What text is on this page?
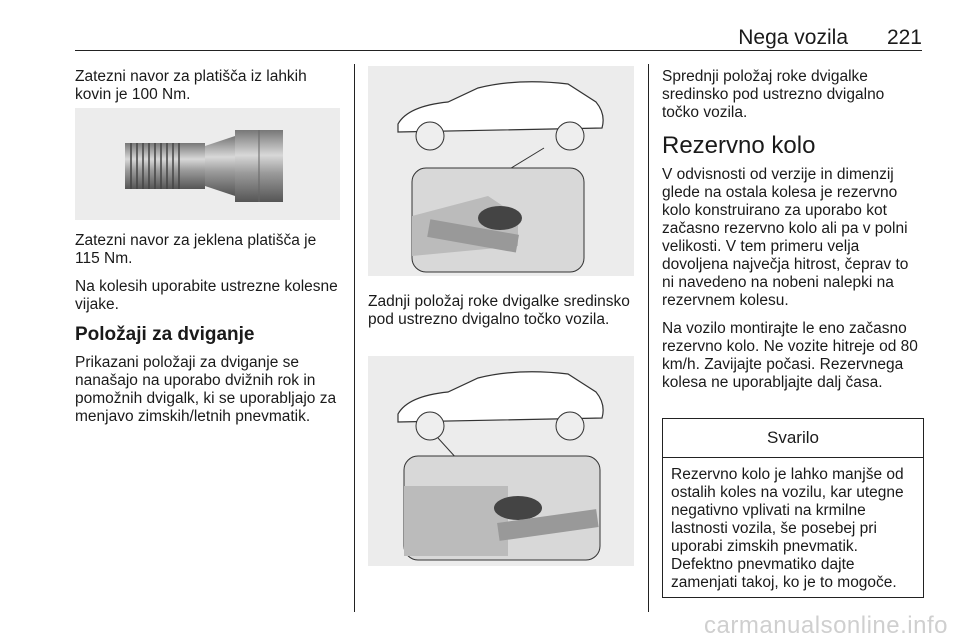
Nega vozila 221

Zatezni navor za platišča iz lahkih kovin je 100 Nm.

Zatezni navor za jeklena platišča je 115 Nm.

Na kolesih uporabite ustrezne kolesne vijake.

Položaji za dviganje

Prikazani položaji za dviganje se nanašajo na uporabo dvižnih rok in pomožnih dvigalk, ki se uporabljajo za menjavo zimskih/letnih pnevmatik.

Zadnji položaj roke dvigalke sredinsko pod ustrezno dvigalno točko vozila.

Sprednji položaj roke dvigalke sredinsko pod ustrezno dvigalno točko vozila.

Rezervno kolo

V odvisnosti od verzije in dimenzij glede na ostala kolesa je rezervno kolo konstruirano za uporabo kot začasno rezervno kolo ali pa v polni velikosti. V tem primeru velja dovoljena največja hitrost, čeprav to ni navedeno na nobeni nalepki na rezervnem kolesu.

Na vozilo montirajte le eno začasno rezervno kolo. Ne vozite hitreje od 80 km/h. Zavijajte počasi. Rezervnega kolesa ne uporabljajte dalj časa.

Svarilo
Rezervno kolo je lahko manjše od ostalih koles na vozilu, kar utegne negativno vplivati na krmilne lastnosti vozila, še posebej pri uporabi zimskih pnevmatik. Defektno pnevmatiko dajte zamenjati takoj, ko je to mogoče.
carmanualsonline.info
